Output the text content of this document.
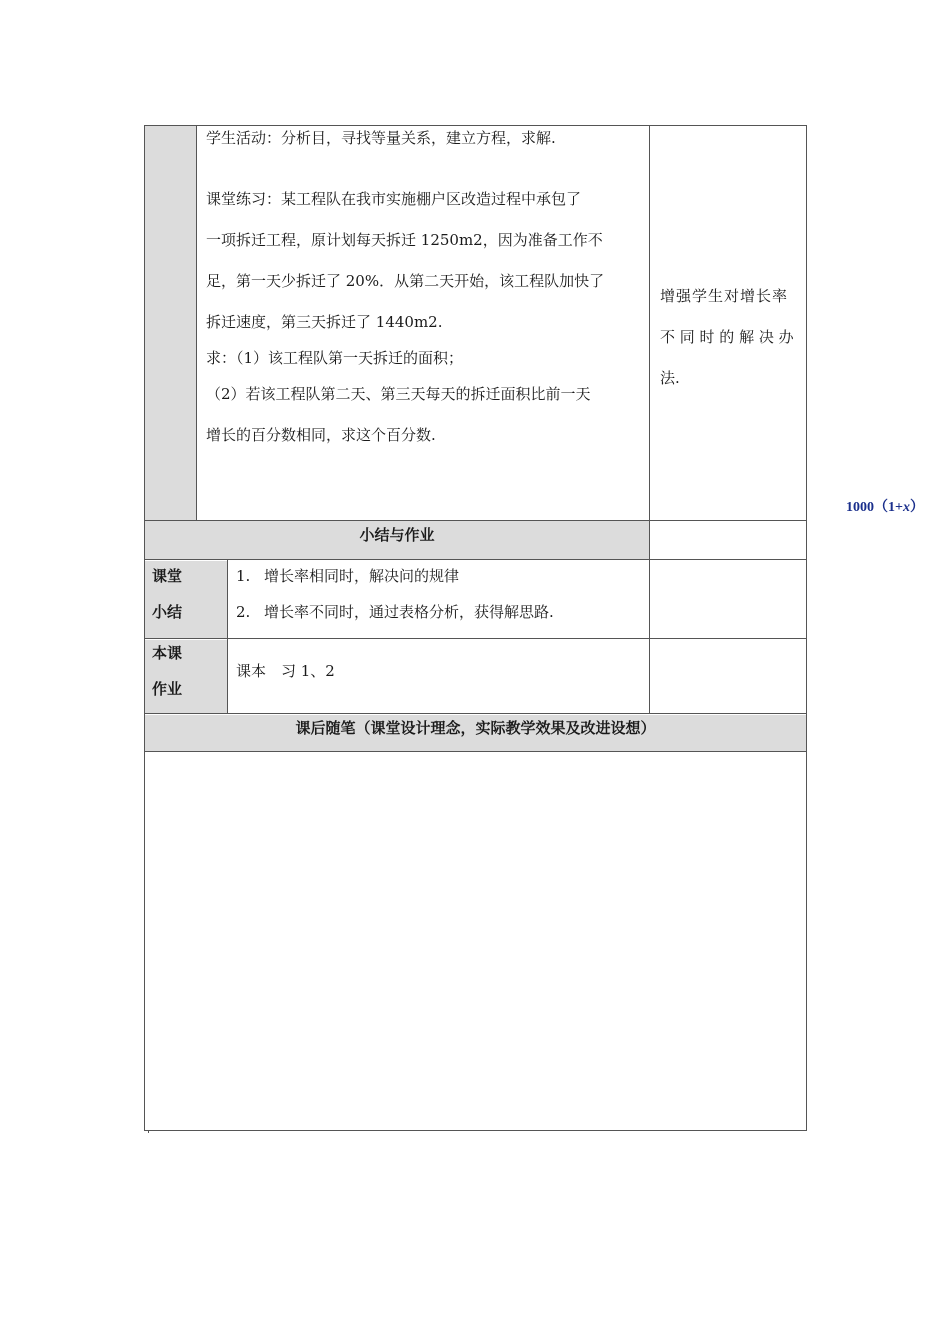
学生活动：分析目，寻找等量关系，建立方程，求解.
课堂练习：某工程队在我市实施棚户区改造过程中承包了
一项拆迁工程，原计划每天拆迁 1250m2，因为准备工作不
足，第一天少拆迁了 20%．从第二天开始，该工程队加快了
拆迁速度，第三天拆迁了 1440m2.
求：（1）该工程队第一天拆迁的面积；
（2）若该工程队第二天、第三天每天的拆迁面积比前一天
增长的百分数相同，求这个百分数.
增强学生对增长率
不 同 时 的 解 决 办
法.
1000（1+x）
小结与作业
课堂
小结
1. 增长率相同时，解决问的规律
2. 增长率不同时，通过表格分析，获得解思路.
本课
作业
课本　习 1、2
课后随笔（课堂设计理念，实际教学效果及改进设想）
